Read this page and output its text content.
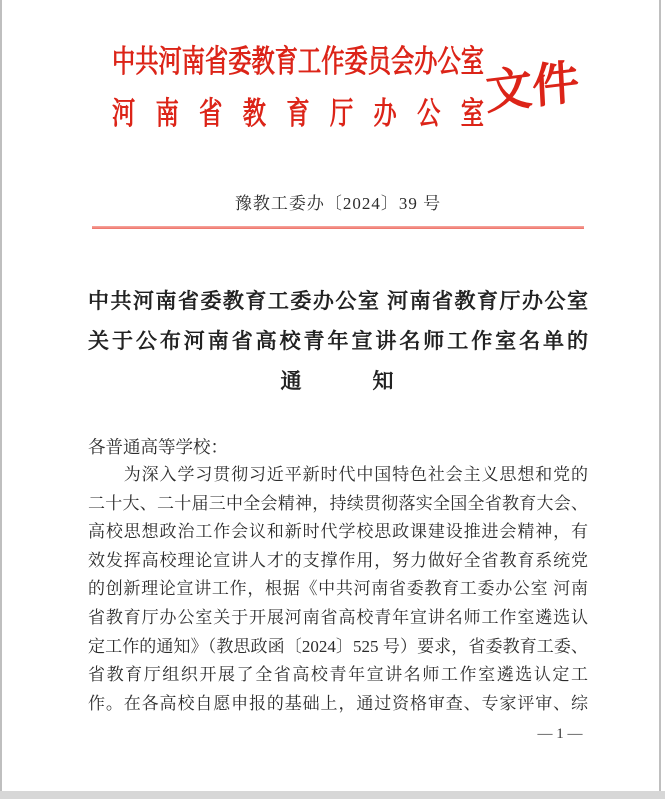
中共河南省委教育工作委员会办公室
河南省教育厅办公室 文件
豫教工委办〔2024〕39 号
中共河南省委教育工委办公室 河南省教育厅办公室
关于公布河南省高校青年宣讲名师工作室名单的
通　　　知
各普通高等学校：
　　为深入学习贯彻习近平新时代中国特色社会主义思想和党的
二十大、二十届三中全会精神，持续贯彻落实全国全省教育大会、
高校思想政治工作会议和新时代学校思政课建设推进会精神，有
效发挥高校理论宣讲人才的支撑作用，努力做好全省教育系统党
的创新理论宣讲工作，根据《中共河南省委教育工委办公室 河南
省教育厅办公室关于开展河南省高校青年宣讲名师工作室遴选认
定工作的通知》（教思政函〔2024〕525 号）要求，省委教育工委、
省教育厅组织开展了全省高校青年宣讲名师工作室遴选认定工
作。在各高校自愿申报的基础上，通过资格审查、专家评审、综
— 1 —
